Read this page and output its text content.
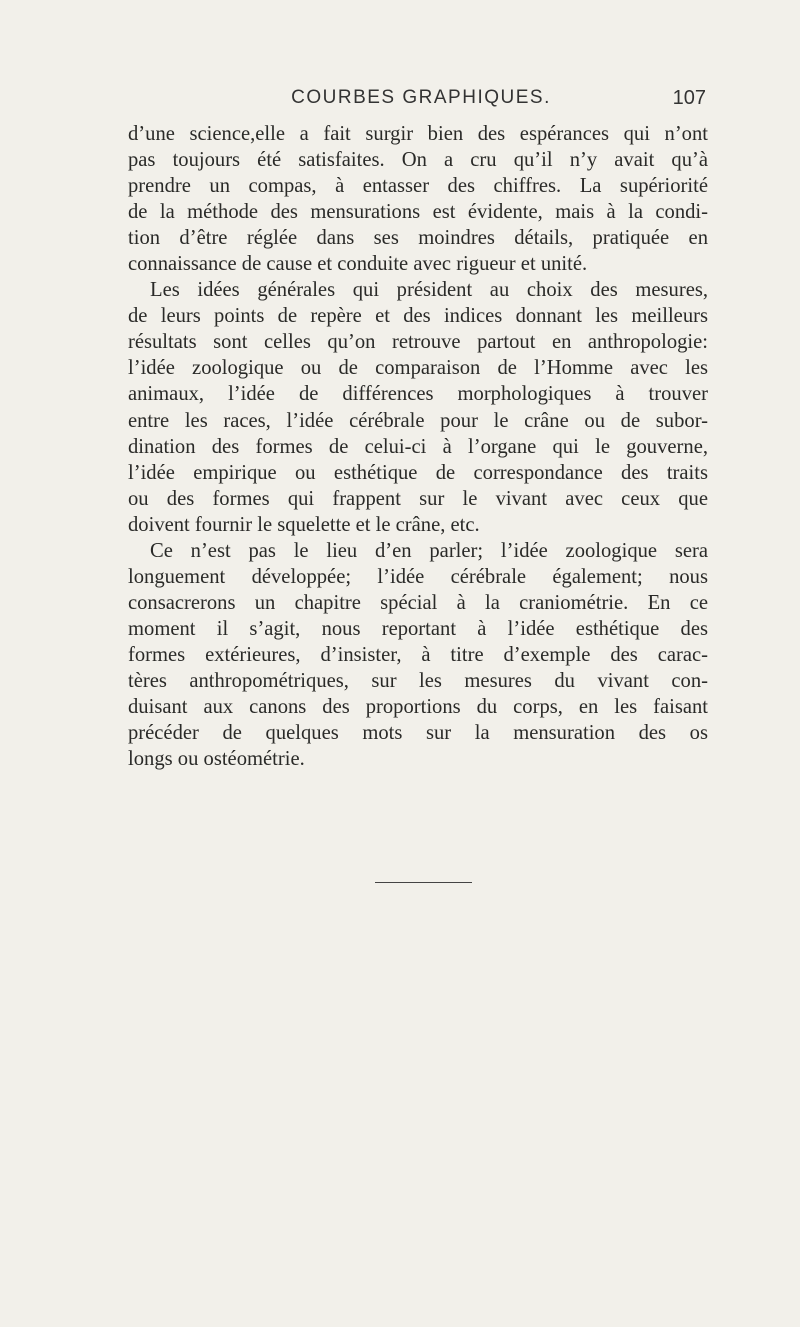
COURBES GRAPHIQUES.	107
d’une science,elle a fait surgir bien des espérances qui n’ont
pas toujours été satisfaites. On a cru qu’il n’y avait qu’à
prendre un compas, à entasser des chiffres. La supériorité
de la méthode des mensurations est évidente, mais à la condi-
tion d’être réglée dans ses moindres détails, pratiquée en
connaissance de cause et conduite avec rigueur et unité.
Les idées générales qui président au choix des mesures,
de leurs points de repère et des indices donnant les meilleurs
résultats sont celles qu’on retrouve partout en anthropologie:
l’idée zoologique ou de comparaison de l’Homme avec les
animaux, l’idée de différences morphologiques à trouver
entre les races, l’idée cérébrale pour le crâne ou de subor-
dination des formes de celui-ci à l’organe qui le gouverne,
l’idée empirique ou esthétique de correspondance des traits
ou des formes qui frappent sur le vivant avec ceux que
doivent fournir le squelette et le crâne, etc.
Ce n’est pas le lieu d’en parler; l’idée zoologique sera
longuement développée; l’idée cérébrale également; nous
consacrerons un chapitre spécial à la craniométrie. En ce
moment il s’agit, nous reportant à l’idée esthétique des
formes extérieures, d’insister, à titre d’exemple des carac-
tères anthropométriques, sur les mesures du vivant con-
duisant aux canons des proportions du corps, en les faisant
précéder de quelques mots sur la mensuration des os
longs ou ostéométrie.
